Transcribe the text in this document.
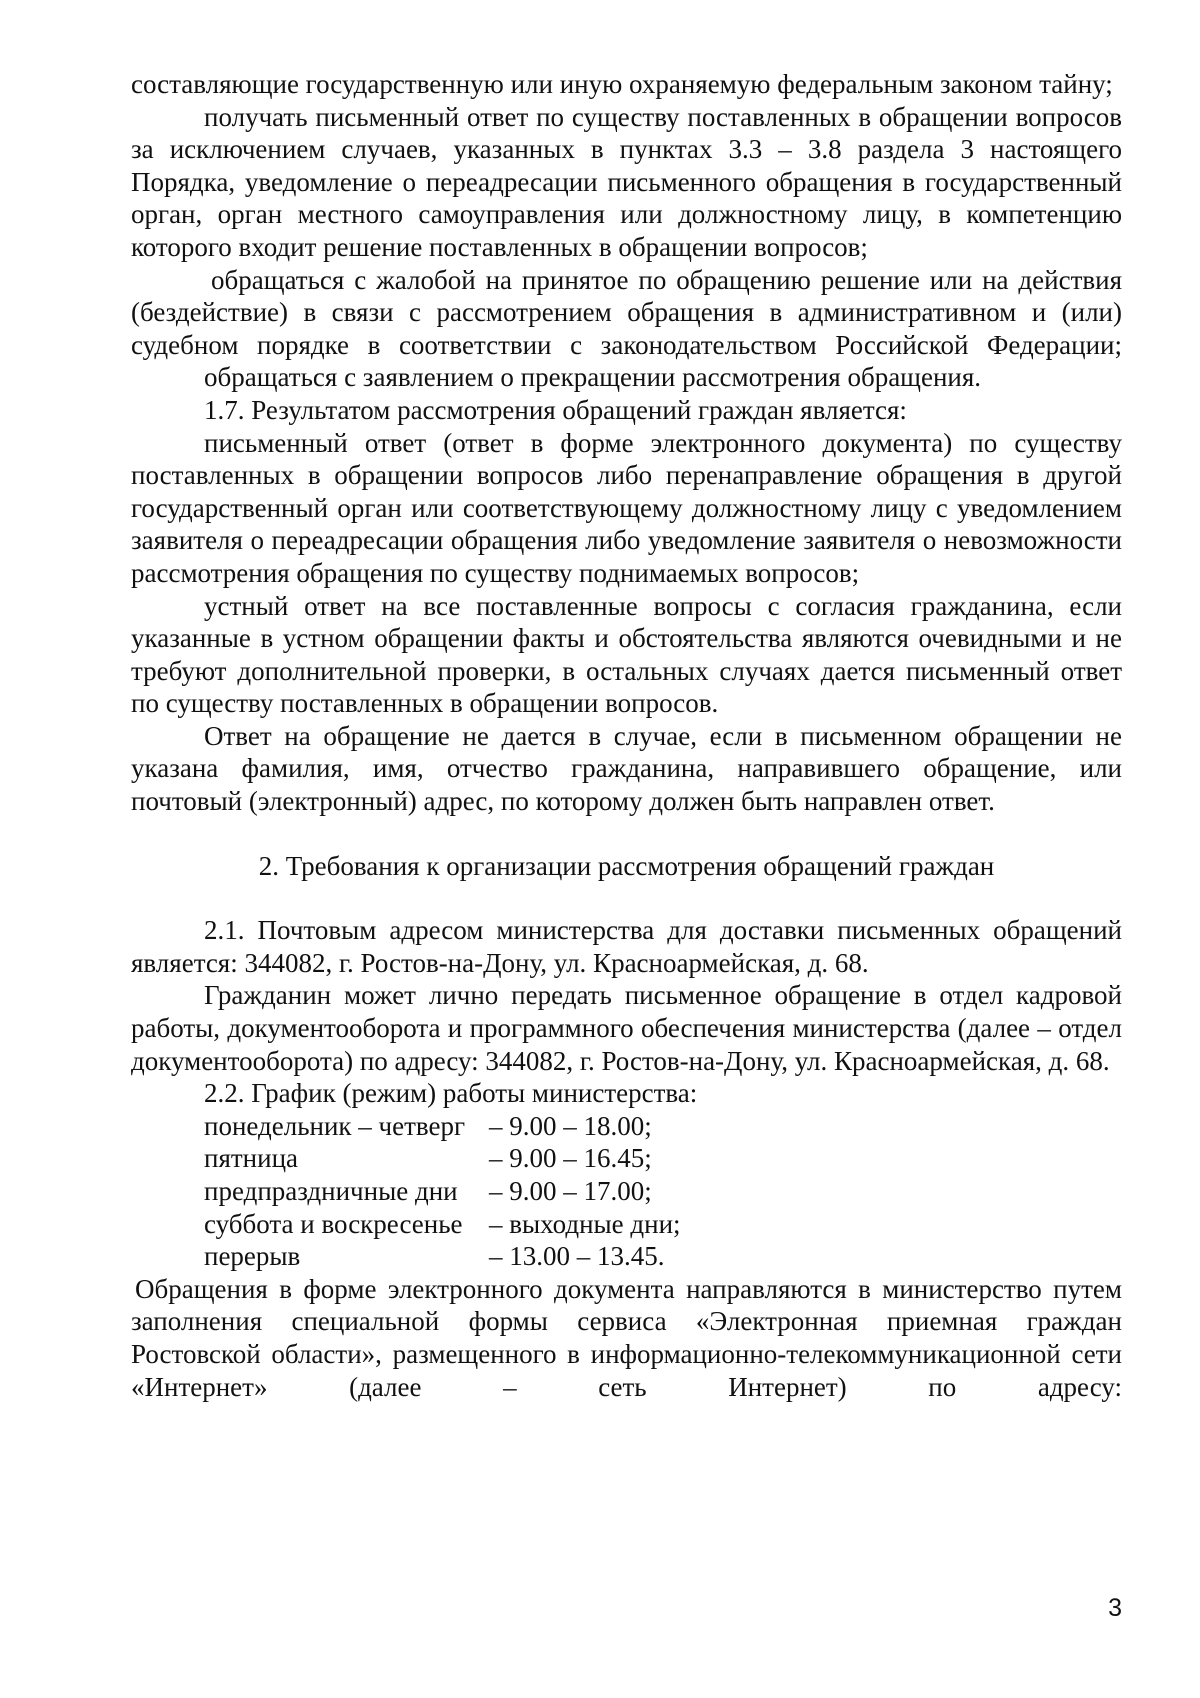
составляющие государственную или иную охраняемую федеральным законом тайну;

получать письменный ответ по существу поставленных в обращении вопросов за исключением случаев, указанных в пунктах 3.3 – 3.8 раздела 3 настоящего Порядка, уведомление о переадресации письменного обращения в государственный орган, орган местного самоуправления или должностному лицу, в компетенцию которого входит решение поставленных в обращении вопросов;

обращаться с жалобой на принятое по обращению решение или на действия (бездействие) в связи с рассмотрением обращения в административном и (или) судебном порядке в соответствии с законодательством Российской Федерации;

обращаться с заявлением о прекращении рассмотрения обращения.

1.7. Результатом рассмотрения обращений граждан является:

письменный ответ (ответ в форме электронного документа) по существу поставленных в обращении вопросов либо перенаправление обращения в другой государственный орган или соответствующему должностному лицу с уведомлением заявителя о переадресации обращения либо уведомление заявителя о невозможности рассмотрения обращения по существу поднимаемых вопросов;

устный ответ на все поставленные вопросы с согласия гражданина, если указанные в устном обращении факты и обстоятельства являются очевидными и не требуют дополнительной проверки, в остальных случаях дается письменный ответ по существу поставленных в обращении вопросов.

Ответ на обращение не дается в случае, если в письменном обращении не указана фамилия, имя, отчество гражданина, направившего обращение, или почтовый (электронный) адрес, по которому должен быть направлен ответ.

2. Требования к организации рассмотрения обращений граждан

2.1. Почтовым адресом министерства для доставки письменных обращений является: 344082, г. Ростов-на-Дону, ул. Красноармейская, д. 68.

Гражданин может лично передать письменное обращение в отдел кадровой работы, документооборота и программного обеспечения министерства (далее – отдел документооборота) по адресу: 344082, г. Ростов-на-Дону, ул. Красноармейская, д. 68.

2.2. График (режим) работы министерства:

понедельник – четверг	– 9.00 – 18.00;
пятница	– 9.00 – 16.45;
предпраздничные дни	– 9.00 – 17.00;
суббота и воскресенье	– выходные дни;
перерыв	– 13.00 – 13.45.

Обращения в форме электронного документа направляются в министерство путем заполнения специальной формы сервиса «Электронная приемная граждан Ростовской области», размещенного в информационно-телекоммуникационной сети «Интернет» (далее – сеть Интернет) по адресу:

3
